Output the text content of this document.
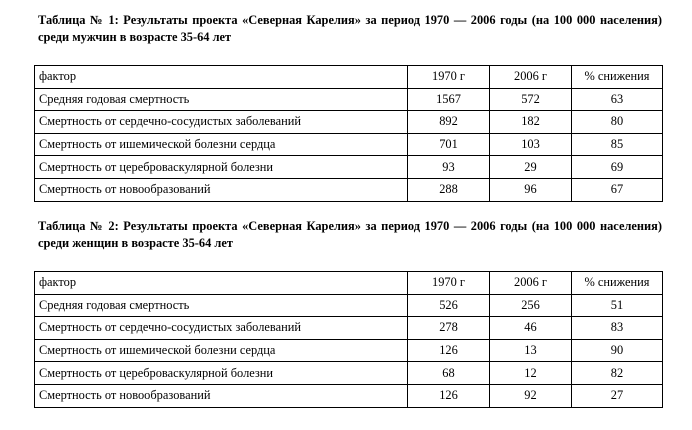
Таблица № 1: Результаты проекта «Северная Карелия» за период 1970 — 2006 годы (на 100 000 населения) среди мужчин в возрасте 35-64 лет
фактор	1970 г	2006 г	% снижения
Средняя годовая смертность	1567	572	63
Смертность от сердечно-сосудистых заболеваний	892	182	80
Смертность от ишемической болезни сердца	701	103	85
Смертность от цереброваскулярной болезни	93	29	69
Смертность от новообразований	288	96	67
Таблица № 2: Результаты проекта «Северная Карелия» за период 1970 — 2006 годы (на 100 000 населения) среди женщин в возрасте 35-64 лет
фактор	1970 г	2006 г	% снижения
Средняя годовая смертность	526	256	51
Смертность от сердечно-сосудистых заболеваний	278	46	83
Смертность от ишемической болезни сердца	126	13	90
Смертность от цереброваскулярной болезни	68	12	82
Смертность от новообразований	126	92	27
